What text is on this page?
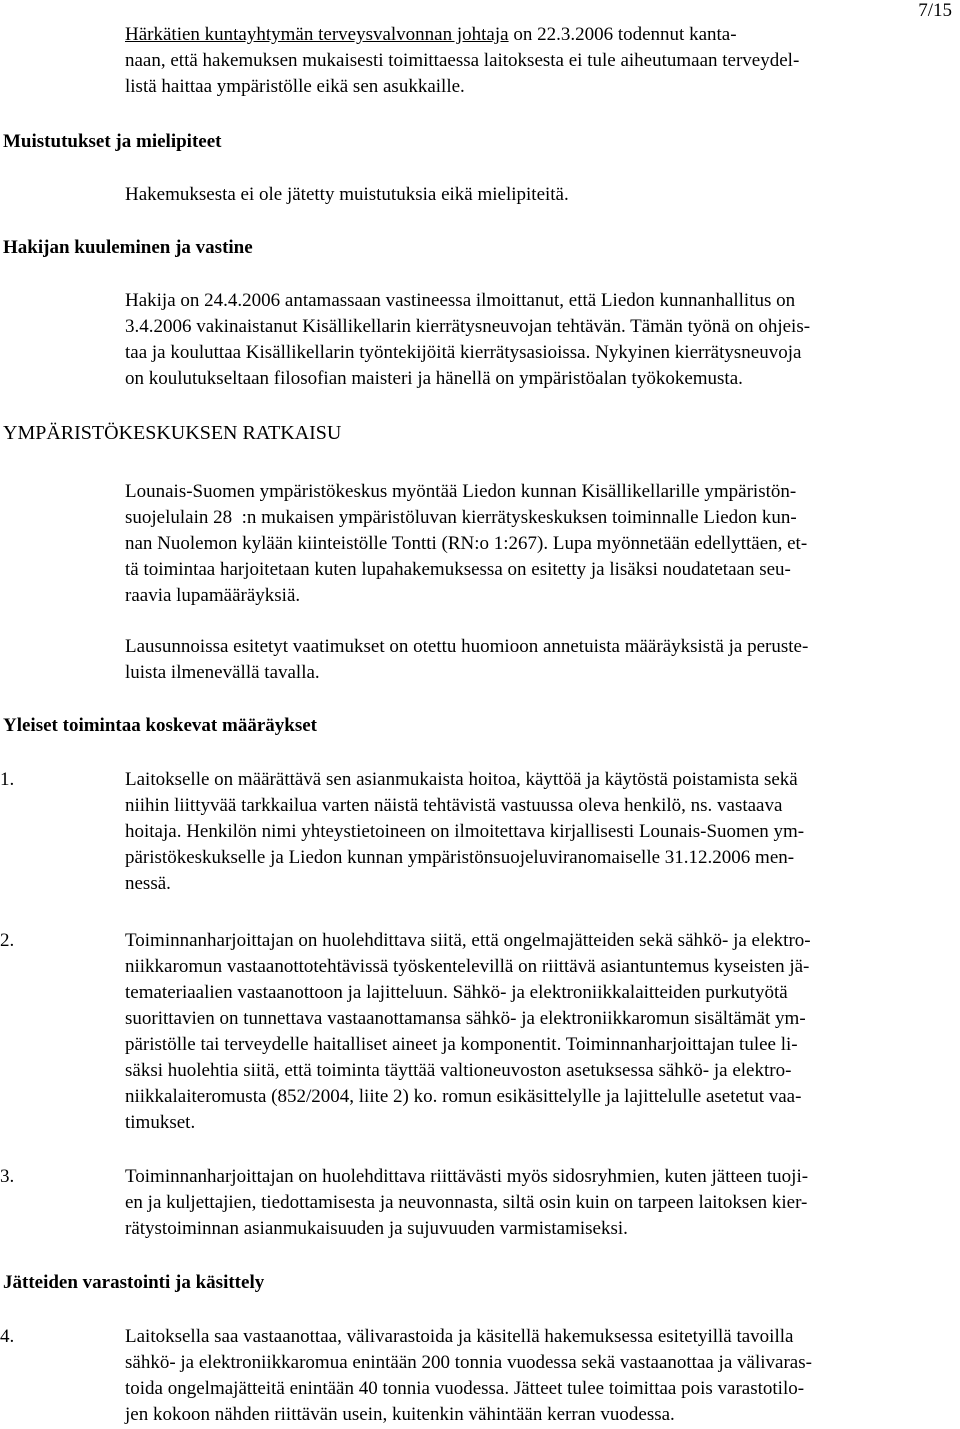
7/15
Härkätien kuntayhtymän terveysvalvonnan johtaja on 22.3.2006 todennut kanta-
naan, että hakemuksen mukaisesti toimittaessa laitoksesta ei tule aiheutumaan terveydel-
listä haittaa ympäristölle eikä sen asukkaille.
Muistutukset ja mielipiteet
Hakemuksesta ei ole jätetty muistutuksia eikä mielipiteitä.
Hakijan kuuleminen ja vastine
Hakija on 24.4.2006 antamassaan vastineessa ilmoittanut, että Liedon kunnanhallitus on
3.4.2006 vakinaistanut Kisällikellarin kierrätysneuvojan tehtävän. Tämän työnä on ohjeis-
taa ja kouluttaa Kisällikellarin työntekijöitä kierrätysasioissa. Nykyinen kierrätysneuvoja
on koulutukseltaan filosofian maisteri ja hänellä on ympäristöalan työkokemusta.
YMPÄRISTÖKESKUKSEN RATKAISU
Lounais-Suomen ympäristökeskus myöntää Liedon kunnan Kisällikellarille ympäristön-
suojelulain 28  :n mukaisen ympäristöluvan kierrätyskeskuksen toiminnalle Liedon kun-
nan Nuolemon kylään kiinteistölle Tontti (RN:o 1:267). Lupa myönnetään edellyttäen, et-
tä toimintaa harjoitetaan kuten lupahakemuksessa on esitetty ja lisäksi noudatetaan seu-
raavia lupamääräyksiä.
Lausunnoissa esitetyt vaatimukset on otettu huomioon annetuista määräyksistä ja peruste-
luista ilmenevällä tavalla.
Yleiset toimintaa koskevat määräykset
1.	Laitokselle on määrättävä sen asianmukaista hoitoa, käyttöä ja käytöstä poistamista sekä
niihin liittyvää tarkkailua varten näistä tehtävistä vastuussa oleva henkilö, ns. vastaava
hoitaja. Henkilön nimi yhteystietoineen on ilmoitettava kirjallisesti Lounais-Suomen ym-
päristökeskukselle ja Liedon kunnan ympäristönsuojeluviranomaiselle 31.12.2006 men-
nessä.
2.	Toiminnanharjoittajan on huolehdittava siitä, että ongelmajätteiden sekä sähkö- ja elektro-
niikkaromun vastaanottotehtävissä työskentelevillä on riittävä asiantuntemus kyseisten jä-
temateriaalien vastaanottoon ja lajitteluun. Sähkö- ja elektroniikkalaitteiden purkutyötä
suorittavien on tunnettava vastaanottamansa sähkö- ja elektroniikkaromun sisältämät ym-
päristölle tai terveydelle haitalliset aineet ja komponentit. Toiminnanharjoittajan tulee li-
säksi huolehtia siitä, että toiminta täyttää valtioneuvoston asetuksessa sähkö- ja elektro-
niikkalaiteromusta (852/2004, liite 2) ko. romun esikäsittelylle ja lajittelulle asetetut vaa-
timukset.
3.	Toiminnanharjoittajan on huolehdittava riittävästi myös sidosryhmien, kuten jätteen tuoji-
en ja kuljettajien, tiedottamisesta ja neuvonnasta, siltä osin kuin on tarpeen laitoksen kier-
rätystoiminnan asianmukaisuuden ja sujuvuuden varmistamiseksi.
Jätteiden varastointi ja käsittely
4.	Laitoksella saa vastaanottaa, välivarastoida ja käsitellä hakemuksessa esitetyillä tavoilla
sähkö- ja elektroniikkaromua enintään 200 tonnia vuodessa sekä vastaanottaa ja välivaras-
toida ongelmajätteitä enintään 40 tonnia vuodessa. Jätteet tulee toimittaa pois varastotilo-
jen kokoon nähden riittävän usein, kuitenkin vähintään kerran vuodessa.
